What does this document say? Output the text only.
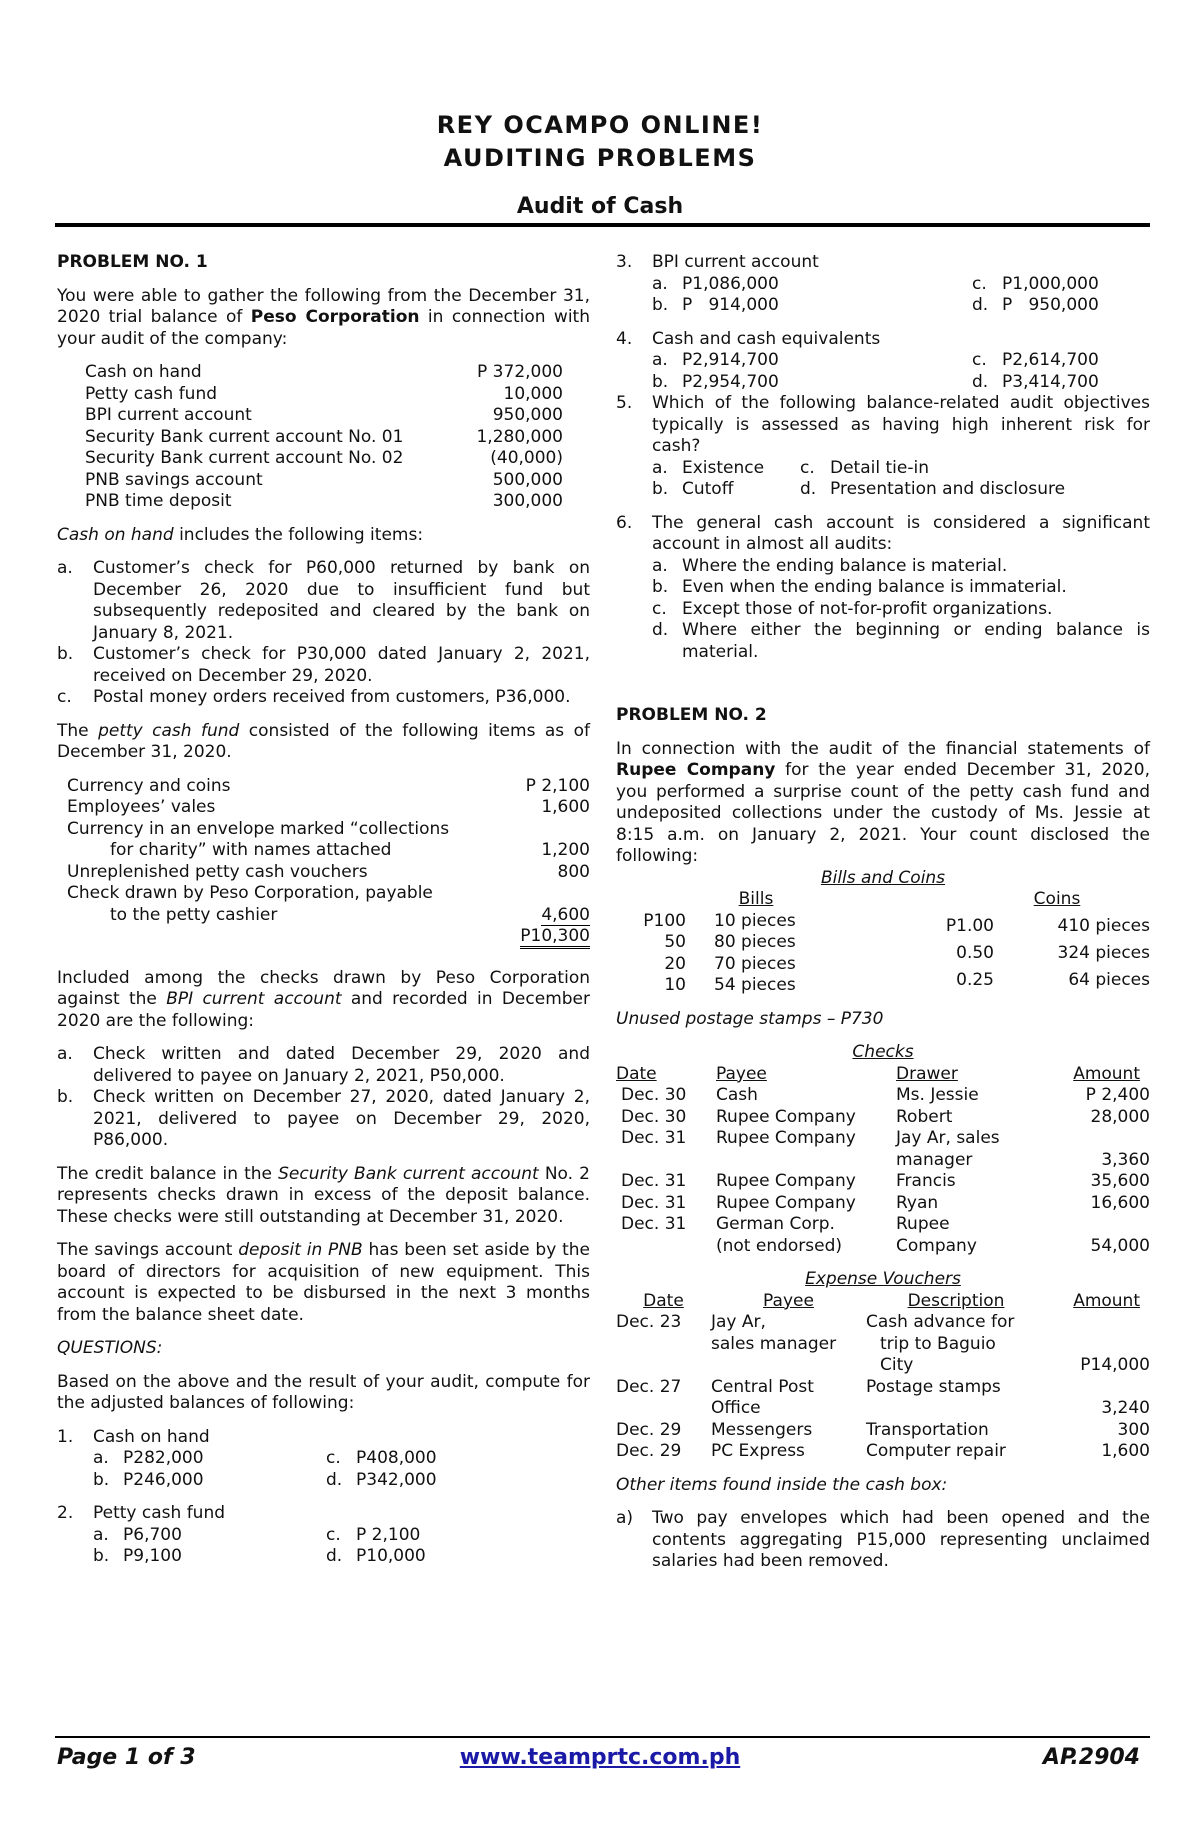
REY OCAMPO ONLINE!
AUDITING PROBLEMS
Audit of Cash

PROBLEM NO. 1

You were able to gather the following from the December 31, 2020 trial balance of Peso Corporation in connection with your audit of the company:

Cash on hand	P 372,000
Petty cash fund	10,000
BPI current account	950,000
Security Bank current account No. 01	1,280,000
Security Bank current account No. 02	(40,000)
PNB savings account	500,000
PNB time deposit	300,000

Cash on hand includes the following items:

a.	Customer’s check for P60,000 returned by bank on December 26, 2020 due to insufficient fund but subsequently redeposited and cleared by the bank on January 8, 2021.
b.	Customer’s check for P30,000 dated January 2, 2021, received on December 29, 2020.
c.	Postal money orders received from customers, P36,000.

The petty cash fund consisted of the following items as of December 31, 2020.

Currency and coins	P 2,100
Employees’ vales	1,600
Currency in an envelope marked “collections	
for charity” with names attached	1,200
Unreplenished petty cash vouchers	800
Check drawn by Peso Corporation, payable	
to the petty cashier	4,600
	P10,300

Included among the checks drawn by Peso Corporation against the BPI current account and recorded in December 2020 are the following:

a.	Check written and dated December 29, 2020 and delivered to payee on January 2, 2021, P50,000.
b.	Check written on December 27, 2020, dated January 2, 2021, delivered to payee on December 29, 2020, P86,000.

The credit balance in the Security Bank current account No. 2 represents checks drawn in excess of the deposit balance. These checks were still outstanding at December 31, 2020.

The savings account deposit in PNB has been set aside by the board of directors for acquisition of new equipment. This account is expected to be disbursed in the next 3 months from the balance sheet date.

QUESTIONS:

Based on the above and the result of your audit, compute for the adjusted balances of following:

1.	Cash on hand
a. P282,000	c. P408,000
b. P246,000	d. P342,000
2.	Petty cash fund
a. P6,700	c. P 2,100
b. P9,100	d. P10,000
3.	BPI current account
a. P1,086,000	c. P1,000,000
b. P   914,000	d. P   950,000
4.	Cash and cash equivalents
a. P2,914,700	c. P2,614,700
b. P2,954,700	d. P3,414,700
5.	Which of the following balance-related audit objectives typically is assessed as having high inherent risk for cash?
a. Existence c. Detail tie-in
b. Cutoff	d. Presentation and disclosure
6.	The general cash account is considered a significant account in almost all audits:
a. Where the ending balance is material.
b. Even when the ending balance is immaterial.
c. Except those of not-for-profit organizations.
d. Where either the beginning or ending balance is material.

PROBLEM NO. 2

In connection with the audit of the financial statements of Rupee Company for the year ended December 31, 2020, you performed a surprise count of the petty cash fund and undeposited collections under the custody of Ms. Jessie at 8:15 a.m. on January 2, 2021. Your count disclosed the following:

Bills and Coins
	Bills
P100	10 pieces
50	80 pieces
20	70 pieces
10	54 pieces
	Coins
P1.00	410 pieces
0.50	324 pieces
0.25	64 pieces

Unused postage stamps – P730

Checks
Date	Payee	Drawer	Amount
Dec. 30	Cash	Ms. Jessie	P 2,400
Dec. 30	Rupee Company	Robert	28,000
Dec. 31	Rupee Company	Jay Ar, sales	
		manager	3,360
Dec. 31	Rupee Company	Francis	35,600
Dec. 31	Rupee Company	Ryan	16,600
Dec. 31	German Corp.	Rupee	
	(not endorsed)	Company	54,000
Expense Vouchers
Date	Payee	Description	Amount
Dec. 23	Jay Ar,	Cash advance for	
	sales manager	trip to Baguio	
		City	P14,000
Dec. 27	Central Post	Postage stamps	
	Office		3,240
Dec. 29	Messengers	Transportation	300
Dec. 29	PC Express	Computer repair	1,600

Other items found inside the cash box:

a)	Two pay envelopes which had been opened and the contents aggregating P15,000 representing unclaimed salaries had been removed.
Page 1 of 3	www.teamprtc.com.ph	AP.2904
